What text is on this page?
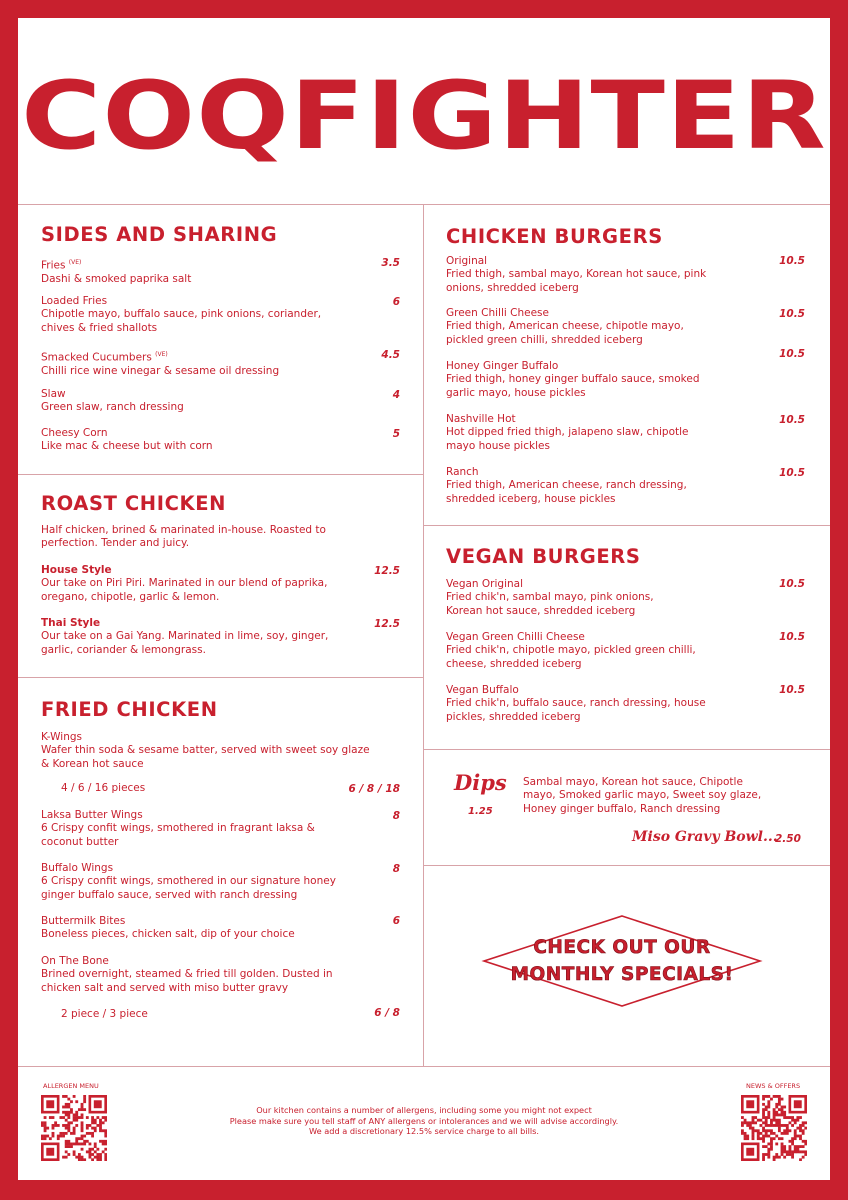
COQFIGHTER
SIDES AND SHARING
Fries $^{(VE)}$
Dashi & smoked paprika salt
3.5
Loaded Fries
Chipotle mayo, buffalo sauce, pink onions, coriander, chives & fried shallots
6
Smacked Cucumbers $^{(VE)}$
Chilli rice wine vinegar & sesame oil dressing
4.5
Slaw
Green slaw, ranch dressing
4
Cheesy Corn
Like mac & cheese but with corn
5
ROAST CHICKEN
Half chicken, brined & marinated in-house. Roasted to perfection. Tender and juicy.
House Style
Our take on Piri Piri. Marinated in our blend of paprika, oregano, chipotle, garlic & lemon.
12.5
Thai Style
Our take on a Gai Yang. Marinated in lime, soy, ginger, garlic, coriander & lemongrass.
12.5
FRIED CHICKEN
K-Wings
Wafer thin soda & sesame batter, served with sweet soy glaze & Korean hot sauce
4 / 6 / 16 pieces	6 / 8 / 18
Laksa Butter Wings
6 Crispy confit wings, smothered in fragrant laksa & coconut butter
8
Buffalo Wings
6 Crispy confit wings, smothered in our signature honey ginger buffalo sauce, served with ranch dressing
8
Buttermilk Bites
Boneless pieces, chicken salt, dip of your choice
6
On The Bone
Brined overnight, steamed & fried till golden. Dusted in chicken salt and served with miso butter gravy
2 piece / 3 piece	6 / 8
CHICKEN BURGERS
Original
Fried thigh, sambal mayo, Korean hot sauce, pink onions, shredded iceberg
10.5
Green Chilli Cheese
Fried thigh, American cheese, chipotle mayo, pickled green chilli, shredded iceberg
10.5
Honey Ginger Buffalo
Fried thigh, honey ginger buffalo sauce, smoked garlic mayo, house pickles
10.5
Nashville Hot
Hot dipped fried thigh, jalapeno slaw, chipotle mayo house pickles
10.5
Ranch
Fried thigh, American cheese, ranch dressing, shredded iceberg, house pickles
10.5
VEGAN BURGERS
Vegan Original
Fried chik'n, sambal mayo, pink onions, Korean hot sauce, shredded iceberg
10.5
Vegan Green Chilli Cheese
Fried chik'n, chipotle mayo, pickled green chilli, cheese, shredded iceberg
10.5
Vegan Buffalo
Fried chik'n, buffalo sauce, ranch dressing, house pickles, shredded iceberg
10.5
Dips
1.25
Sambal mayo, Korean hot sauce, Chipotle mayo, Smoked garlic mayo, Sweet soy glaze, Honey ginger buffalo, Ranch dressing
Miso Gravy Bowl...
2.50
CHECK OUT OUR
MONTHLY SPECIALS!
ALLERGEN MENU	NEWS & OFFERS
Our kitchen contains a number of allergens, including some you might not expect
Please make sure you tell staff of ANY allergens or intolerances and we will advise accordingly.
We add a discretionary 12.5% service charge to all bills.
